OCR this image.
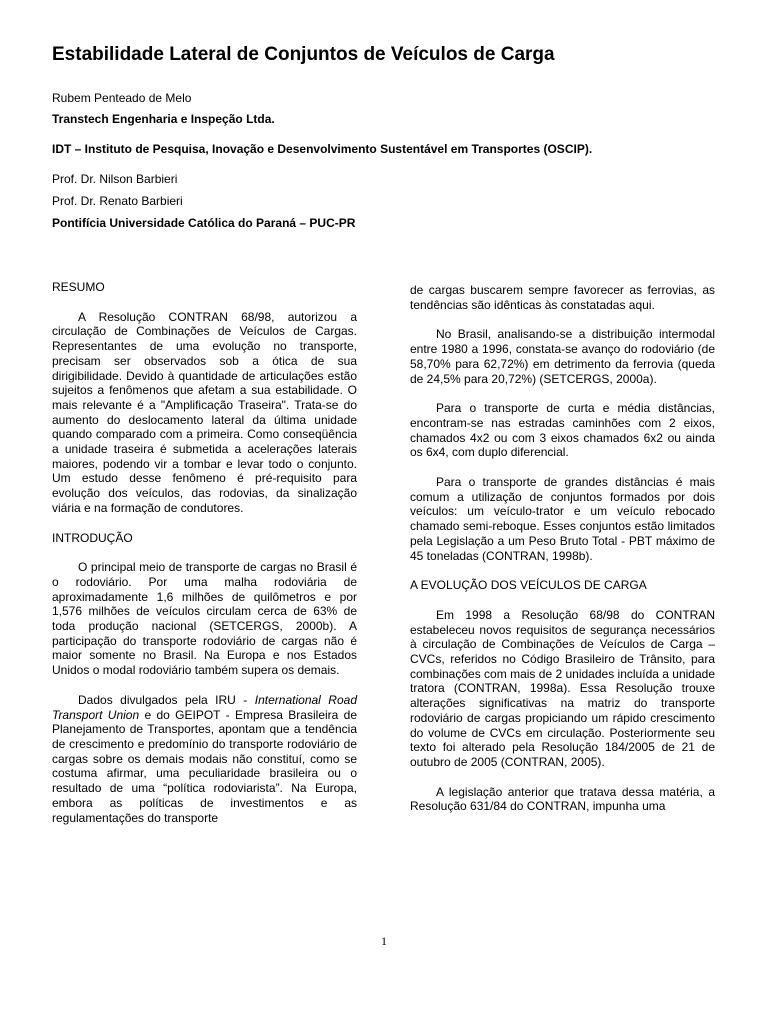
Estabilidade Lateral de Conjuntos de Veículos de Carga

Rubem Penteado de Melo

Transtech Engenharia e Inspeção Ltda.

IDT – Instituto de Pesquisa, Inovação e Desenvolvimento Sustentável em Transportes (OSCIP).

Prof. Dr. Nilson Barbieri

Prof. Dr. Renato Barbieri

Pontifícia Universidade Católica do Paraná – PUC-PR

RESUMO

A Resolução CONTRAN 68/98, autorizou a circulação de Combinações de Veículos de Cargas. Representantes de uma evolução no transporte, precisam ser observados sob a ótica de sua dirigibilidade. Devido à quantidade de articulações estão sujeitos a fenômenos que afetam a sua estabilidade. O mais relevante é a "Amplificação Traseira". Trata-se do aumento do deslocamento lateral da última unidade quando comparado com a primeira. Como conseqüência a unidade traseira é submetida a acelerações laterais maiores, podendo vir a tombar e levar todo o conjunto. Um estudo desse fenômeno é pré-requisito para evolução dos veículos, das rodovias, da sinalização viária e na formação de condutores.

INTRODUÇÃO

O principal meio de transporte de cargas no Brasil é o rodoviário. Por uma malha rodoviária de aproximadamente 1,6 milhões de quilômetros e por 1,576 milhões de veículos circulam cerca de 63% de toda produção nacional (SETCERGS, 2000b). A participação do transporte rodoviário de cargas não é maior somente no Brasil. Na Europa e nos Estados Unidos o modal rodoviário também supera os demais.

Dados divulgados pela IRU - International Road Transport Union e do GEIPOT - Empresa Brasileira de Planejamento de Transportes, apontam que a tendência de crescimento e predomínio do transporte rodoviário de cargas sobre os demais modais não constituí, como se costuma afirmar, uma peculiaridade brasileira ou o resultado de uma “política rodoviarista”. Na Europa, embora as políticas de investimentos e as regulamentações do transporte

de cargas buscarem sempre favorecer as ferrovias, as tendências são idênticas às constatadas aqui.

No Brasil, analisando-se a distribuição intermodal entre 1980 a 1996, constata-se avanço do rodoviário (de 58,70% para 62,72%) em detrimento da ferrovia (queda de 24,5% para 20,72%) (SETCERGS, 2000a).

Para o transporte de curta e média distâncias, encontram-se nas estradas caminhões com 2 eixos, chamados 4x2 ou com 3 eixos chamados 6x2 ou ainda os 6x4, com duplo diferencial.

Para o transporte de grandes distâncias é mais comum a utilização de conjuntos formados por dois veículos: um veículo-trator e um veículo rebocado chamado semi-reboque. Esses conjuntos estão limitados pela Legislação a um Peso Bruto Total - PBT máximo de 45 toneladas (CONTRAN, 1998b).

A EVOLUÇÃO DOS VEÍCULOS DE CARGA

Em 1998 a Resolução 68/98 do CONTRAN estabeleceu novos requisitos de segurança necessários à circulação de Combinações de Veículos de Carga – CVCs, referidos no Código Brasileiro de Trânsito, para combinações com mais de 2 unidades incluída a unidade tratora (CONTRAN, 1998a). Essa Resolução trouxe alterações significativas na matriz do transporte rodoviário de cargas propiciando um rápido crescimento do volume de CVCs em circulação. Posteriormente seu texto foi alterado pela Resolução 184/2005 de 21 de outubro de 2005 (CONTRAN, 2005).

A legislação anterior que tratava dessa matéria, a Resolução 631/84 do CONTRAN, impunha uma

1
